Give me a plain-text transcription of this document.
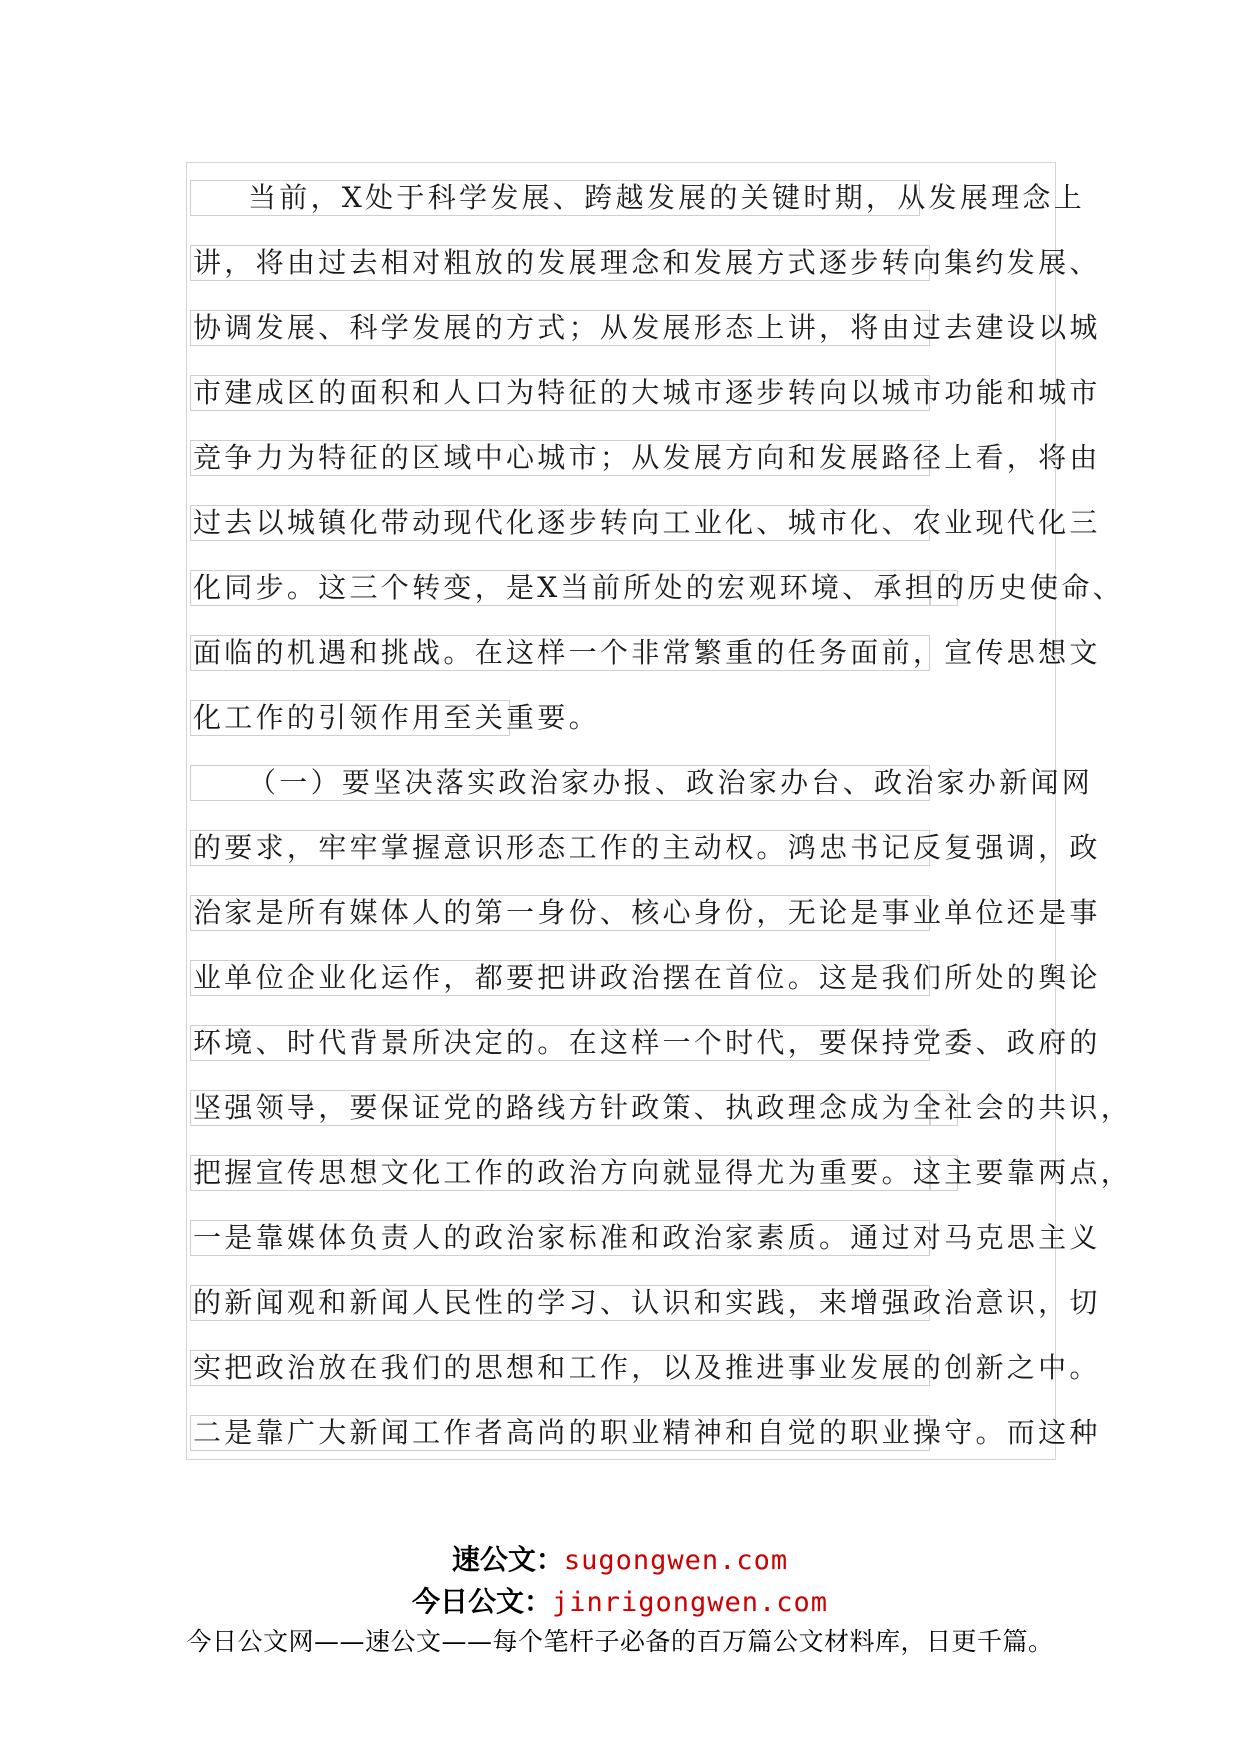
当前，X处于科学发展、跨越发展的关键时期，从发展理念上
讲，将由过去相对粗放的发展理念和发展方式逐步转向集约发展、
协调发展、科学发展的方式；从发展形态上讲，将由过去建设以城
市建成区的面积和人口为特征的大城市逐步转向以城市功能和城市
竞争力为特征的区域中心城市；从发展方向和发展路径上看，将由
过去以城镇化带动现代化逐步转向工业化、城市化、农业现代化三
化同步。这三个转变，是X当前所处的宏观环境、承担的历史使命、
面临的机遇和挑战。在这样一个非常繁重的任务面前，宣传思想文
化工作的引领作用至关重要。
（一）要坚决落实政治家办报、政治家办台、政治家办新闻网
的要求，牢牢掌握意识形态工作的主动权。鸿忠书记反复强调，政
治家是所有媒体人的第一身份、核心身份，无论是事业单位还是事
业单位企业化运作，都要把讲政治摆在首位。这是我们所处的舆论
环境、时代背景所决定的。在这样一个时代，要保持党委、政府的
坚强领导，要保证党的路线方针政策、执政理念成为全社会的共识，
把握宣传思想文化工作的政治方向就显得尤为重要。这主要靠两点，
一是靠媒体负责人的政治家标准和政治家素质。通过对马克思主义
的新闻观和新闻人民性的学习、认识和实践，来增强政治意识，切
实把政治放在我们的思想和工作，以及推进事业发展的创新之中。
二是靠广大新闻工作者高尚的职业精神和自觉的职业操守。而这种
速公文：sugongwen.com
今日公文：jinrigongwen.com
今日公文网——速公文——每个笔杆子必备的百万篇公文材料库，日更千篇。
